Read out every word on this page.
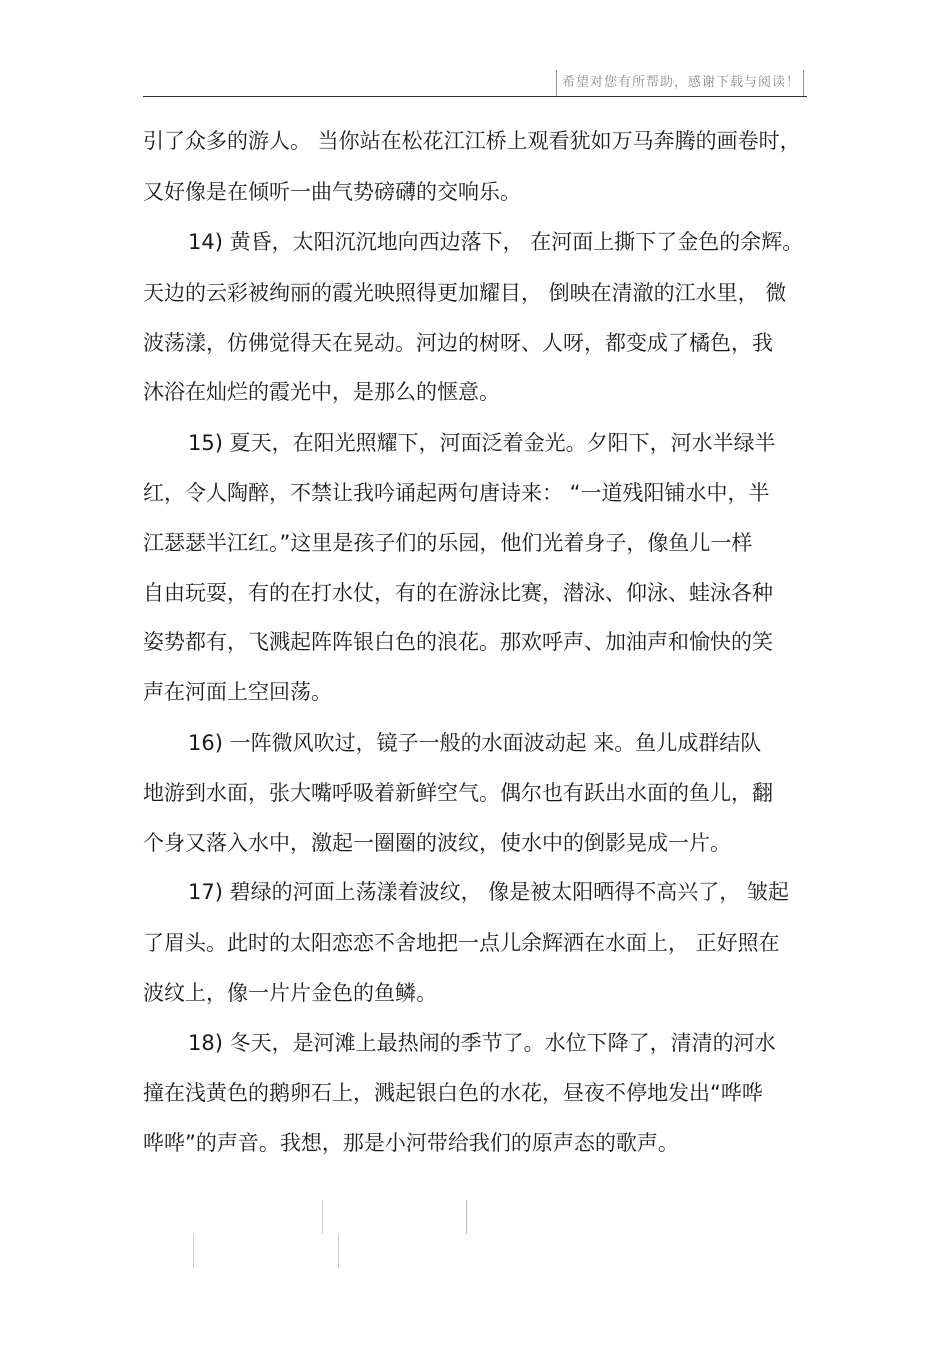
希望对您有所帮助，感谢下载与阅读！
引了众多的游人。 当你站在松花江江桥上观看犹如万马奔腾的画卷时，
又好像是在倾听一曲气势磅礴的交响乐。
14) 黄昏，太阳沉沉地向西边落下， 在河面上撕下了金色的余辉。
天边的云彩被绚丽的霞光映照得更加耀目， 倒映在清澈的江水里， 微
波荡漾，仿佛觉得天在晃动。河边的树呀、人呀，都变成了橘色，我
沐浴在灿烂的霞光中，是那么的惬意。
15) 夏天，在阳光照耀下，河面泛着金光。夕阳下，河水半绿半
红，令人陶醉，不禁让我吟诵起两句唐诗来： “一道残阳铺水中，半
江瑟瑟半江红。”这里是孩子们的乐园，他们光着身子，像鱼儿一样
自由玩耍，有的在打水仗，有的在游泳比赛，潜泳、仰泳、蛙泳各种
姿势都有，飞溅起阵阵银白色的浪花。那欢呼声、加油声和愉快的笑
声在河面上空回荡。
16) 一阵微风吹过，镜子一般的水面波动起 来。鱼儿成群结队
地游到水面，张大嘴呼吸着新鲜空气。偶尔也有跃出水面的鱼儿，翻
个身又落入水中，激起一圈圈的波纹，使水中的倒影晃成一片。
17) 碧绿的河面上荡漾着波纹， 像是被太阳晒得不高兴了， 皱起
了眉头。此时的太阳恋恋不舍地把一点儿余辉洒在水面上， 正好照在
波纹上，像一片片金色的鱼鳞。
18) 冬天，是河滩上最热闹的季节了。水位下降了，清清的河水
撞在浅黄色的鹅卵石上，溅起银白色的水花，昼夜不停地发出“哗哗
哗哗”的声音。我想，那是小河带给我们的原声态的歌声。
